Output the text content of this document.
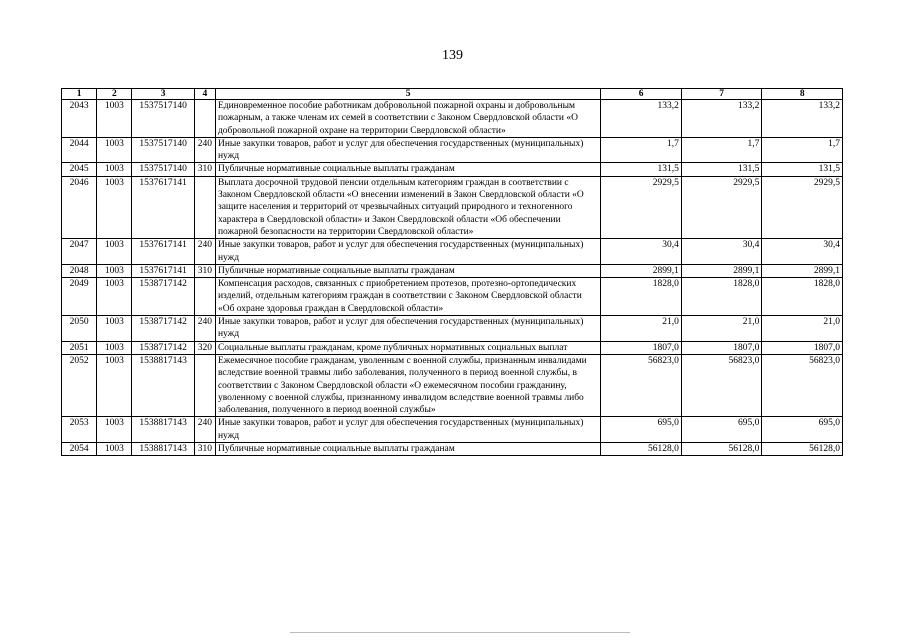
139
1	2	3	4	5	6	7	8
2043	1003	1537517140		Единовременное пособие работникам добровольной пожарной охраны и добровольным пожарным, а также членам их семей в соответствии с Законом Свердловской области «О добровольной пожарной охране на территории Свердловской области»	133,2	133,2	133,2
2044	1003	1537517140	240	Иные закупки товаров, работ и услуг для обеспечения государственных (муниципальных) нужд	1,7	1,7	1,7
2045	1003	1537517140	310	Публичные нормативные социальные выплаты гражданам	131,5	131,5	131,5
2046	1003	1537617141		Выплата досрочной трудовой пенсии отдельным категориям граждан в соответствии с Законом Свердловской области «О внесении изменений в Закон Свердловской области «О защите населения и территорий от чрезвычайных ситуаций природного и техногенного характера в Свердловской области» и Закон Свердловской области «Об обеспечении пожарной безопасности на территории Свердловской области»	2929,5	2929,5	2929,5
2047	1003	1537617141	240	Иные закупки товаров, работ и услуг для обеспечения государственных (муниципальных) нужд	30,4	30,4	30,4
2048	1003	1537617141	310	Публичные нормативные социальные выплаты гражданам	2899,1	2899,1	2899,1
2049	1003	1538717142		Компенсация расходов, связанных с приобретением протезов, протезно-ортопедических изделий, отдельным категориям граждан в соответствии с Законом Свердловской области «Об охране здоровья граждан в Свердловской области»	1828,0	1828,0	1828,0
2050	1003	1538717142	240	Иные закупки товаров, работ и услуг для обеспечения государственных (муниципальных) нужд	21,0	21,0	21,0
2051	1003	1538717142	320	Социальные выплаты гражданам, кроме публичных нормативных социальных выплат	1807,0	1807,0	1807,0
2052	1003	1538817143		Ежемесячное пособие гражданам, уволенным с военной службы, признанным инвалидами вследствие военной травмы либо заболевания, полученного в период военной службы, в соответствии с Законом Свердловской области «О ежемесячном пособии гражданину, уволенному с военной службы, признанному инвалидом вследствие военной травмы либо заболевания, полученного в период военной службы»	56823,0	56823,0	56823,0
2053	1003	1538817143	240	Иные закупки товаров, работ и услуг для обеспечения государственных (муниципальных) нужд	695,0	695,0	695,0
2054	1003	1538817143	310	Публичные нормативные социальные выплаты гражданам	56128,0	56128,0	56128,0
